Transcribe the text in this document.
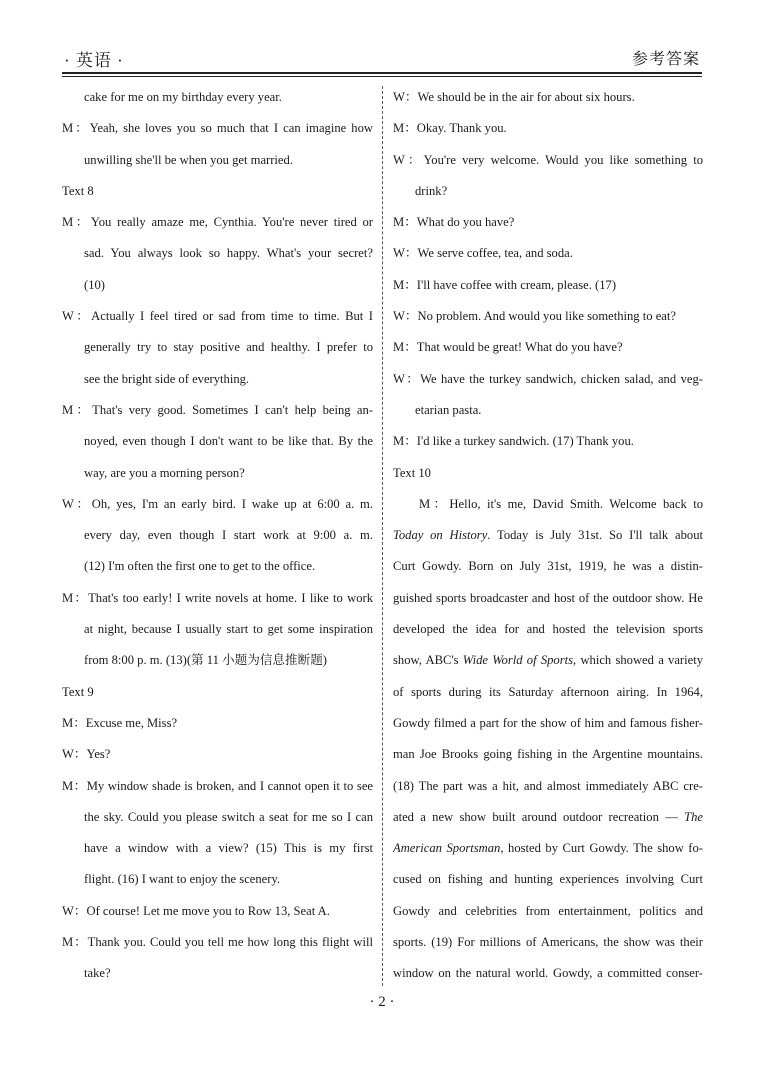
· 英语 ·	参考答案
cake for me on my birthday every year.
M：Yeah, she loves you so much that I can imagine how
unwilling she'll be when you get married.
Text 8
M：You really amaze me, Cynthia. You're never tired or
sad. You always look so happy. What's your secret?
(10)
W：Actually I feel tired or sad from time to time. But I
generally try to stay positive and healthy. I prefer to
see the bright side of everything.
M：That's very good. Sometimes I can't help being an-
noyed, even though I don't want to be like that. By the
way, are you a morning person?
W：Oh, yes, I'm an early bird. I wake up at 6:00 a. m.
every day, even though I start work at 9:00 a. m.
(12) I'm often the first one to get to the office.
M：That's too early! I write novels at home. I like to work
at night, because I usually start to get some inspiration
from 8:00 p. m. (13)(第 11 小题为信息推断题)
Text 9
M：Excuse me, Miss?
W：Yes?
M：My window shade is broken, and I cannot open it to see
the sky. Could you please switch a seat for me so I can
have a window with a view? (15) This is my first
flight. (16) I want to enjoy the scenery.
W：Of course! Let me move you to Row 13, Seat A.
M：Thank you. Could you tell me how long this flight will
take?
W：We should be in the air for about six hours.
M：Okay. Thank you.
W：You're very welcome. Would you like something to
drink?
M：What do you have?
W：We serve coffee, tea, and soda.
M：I'll have coffee with cream, please. (17)
W：No problem. And would you like something to eat?
M：That would be great! What do you have?
W：We have the turkey sandwich, chicken salad, and veg-
etarian pasta.
M：I'd like a turkey sandwich. (17) Thank you.
Text 10
M：Hello, it's me, David Smith. Welcome back to
Today on History. Today is July 31st. So I'll talk about
Curt Gowdy. Born on July 31st, 1919, he was a distin-
guished sports broadcaster and host of the outdoor show. He
developed the idea for and hosted the television sports
show, ABC's Wide World of Sports, which showed a variety
of sports during its Saturday afternoon airing. In 1964,
Gowdy filmed a part for the show of him and famous fisher-
man Joe Brooks going fishing in the Argentine mountains.
(18) The part was a hit, and almost immediately ABC cre-
ated a new show built around outdoor recreation — The
American Sportsman, hosted by Curt Gowdy. The show fo-
cused on fishing and hunting experiences involving Curt
Gowdy and celebrities from entertainment, politics and
sports. (19) For millions of Americans, the show was their
window on the natural world. Gowdy, a committed conser-
· 2 ·
